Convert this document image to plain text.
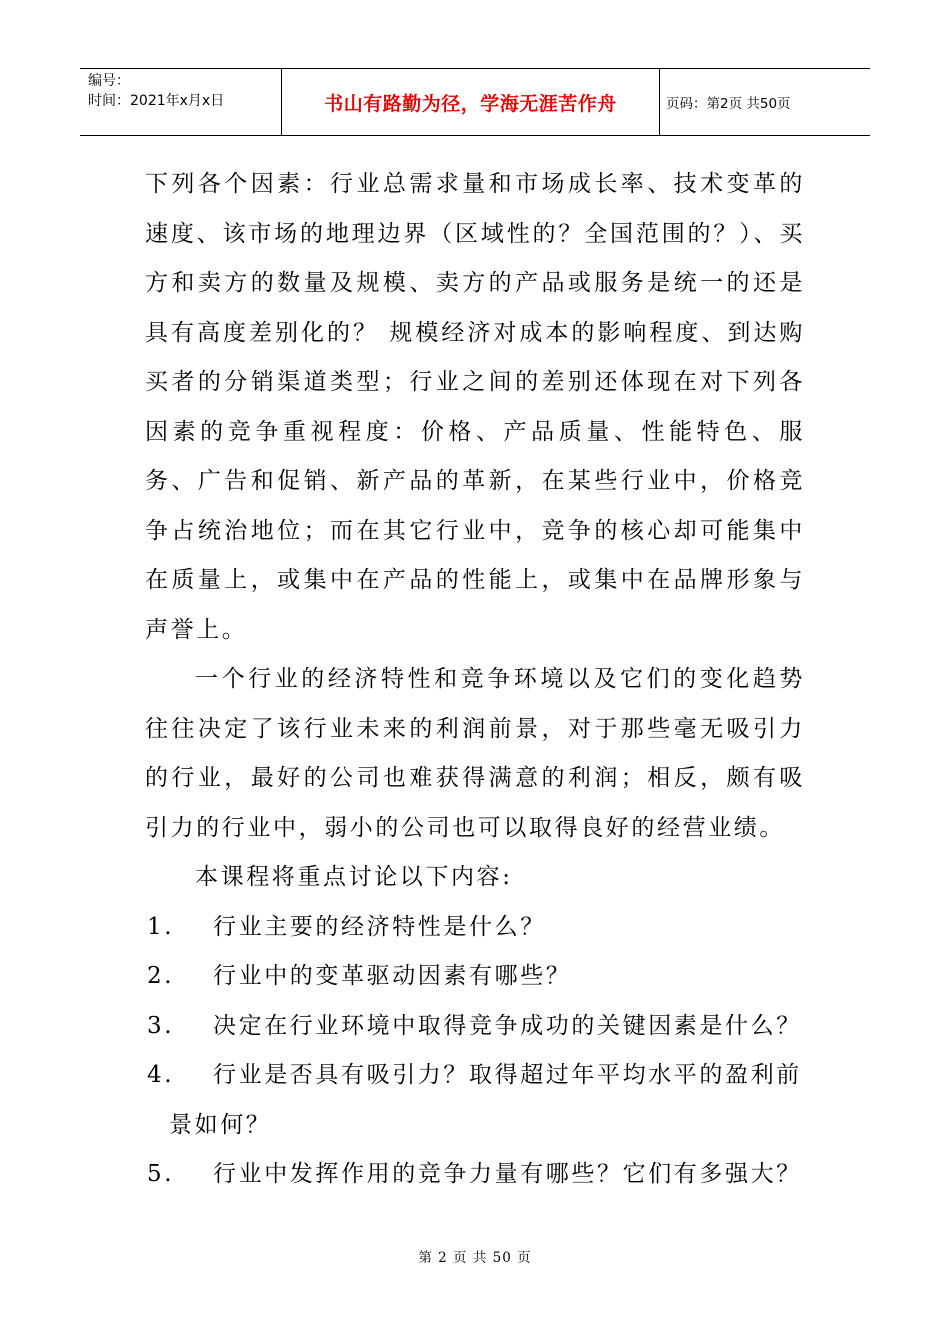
编号：
时间：2021年x月x日	书山有路勤为径，学海无涯苦作舟	页码：第2页 共50页

下列各个因素：行业总需求量和市场成长率、技术变革的速度、该市场的地理边界（区域性的？全国范围的？）、买方和卖方的数量及规模、卖方的产品或服务是统一的还是具有高度差别化的？ 规模经济对成本的影响程度、到达购买者的分销渠道类型；行业之间的差别还体现在对下列各因素的竞争重视程度：价格、产品质量、性能特色、服务、广告和促销、新产品的革新，在某些行业中，价格竞争占统治地位；而在其它行业中，竞争的核心却可能集中在质量上，或集中在产品的性能上，或集中在品牌形象与声誉上。

一个行业的经济特性和竞争环境以及它们的变化趋势往往决定了该行业未来的利润前景，对于那些毫无吸引力的行业，最好的公司也难获得满意的利润；相反，颇有吸引力的行业中，弱小的公司也可以取得良好的经营业绩。

本课程将重点讨论以下内容:

1. 行业主要的经济特性是什么？
2. 行业中的变革驱动因素有哪些？
3. 决定在行业环境中取得竞争成功的关键因素是什么？
4. 行业是否具有吸引力？取得超过年平均水平的盈利前
景如何？
5. 行业中发挥作用的竞争力量有哪些？它们有多强大？
第 2 页 共 50 页
